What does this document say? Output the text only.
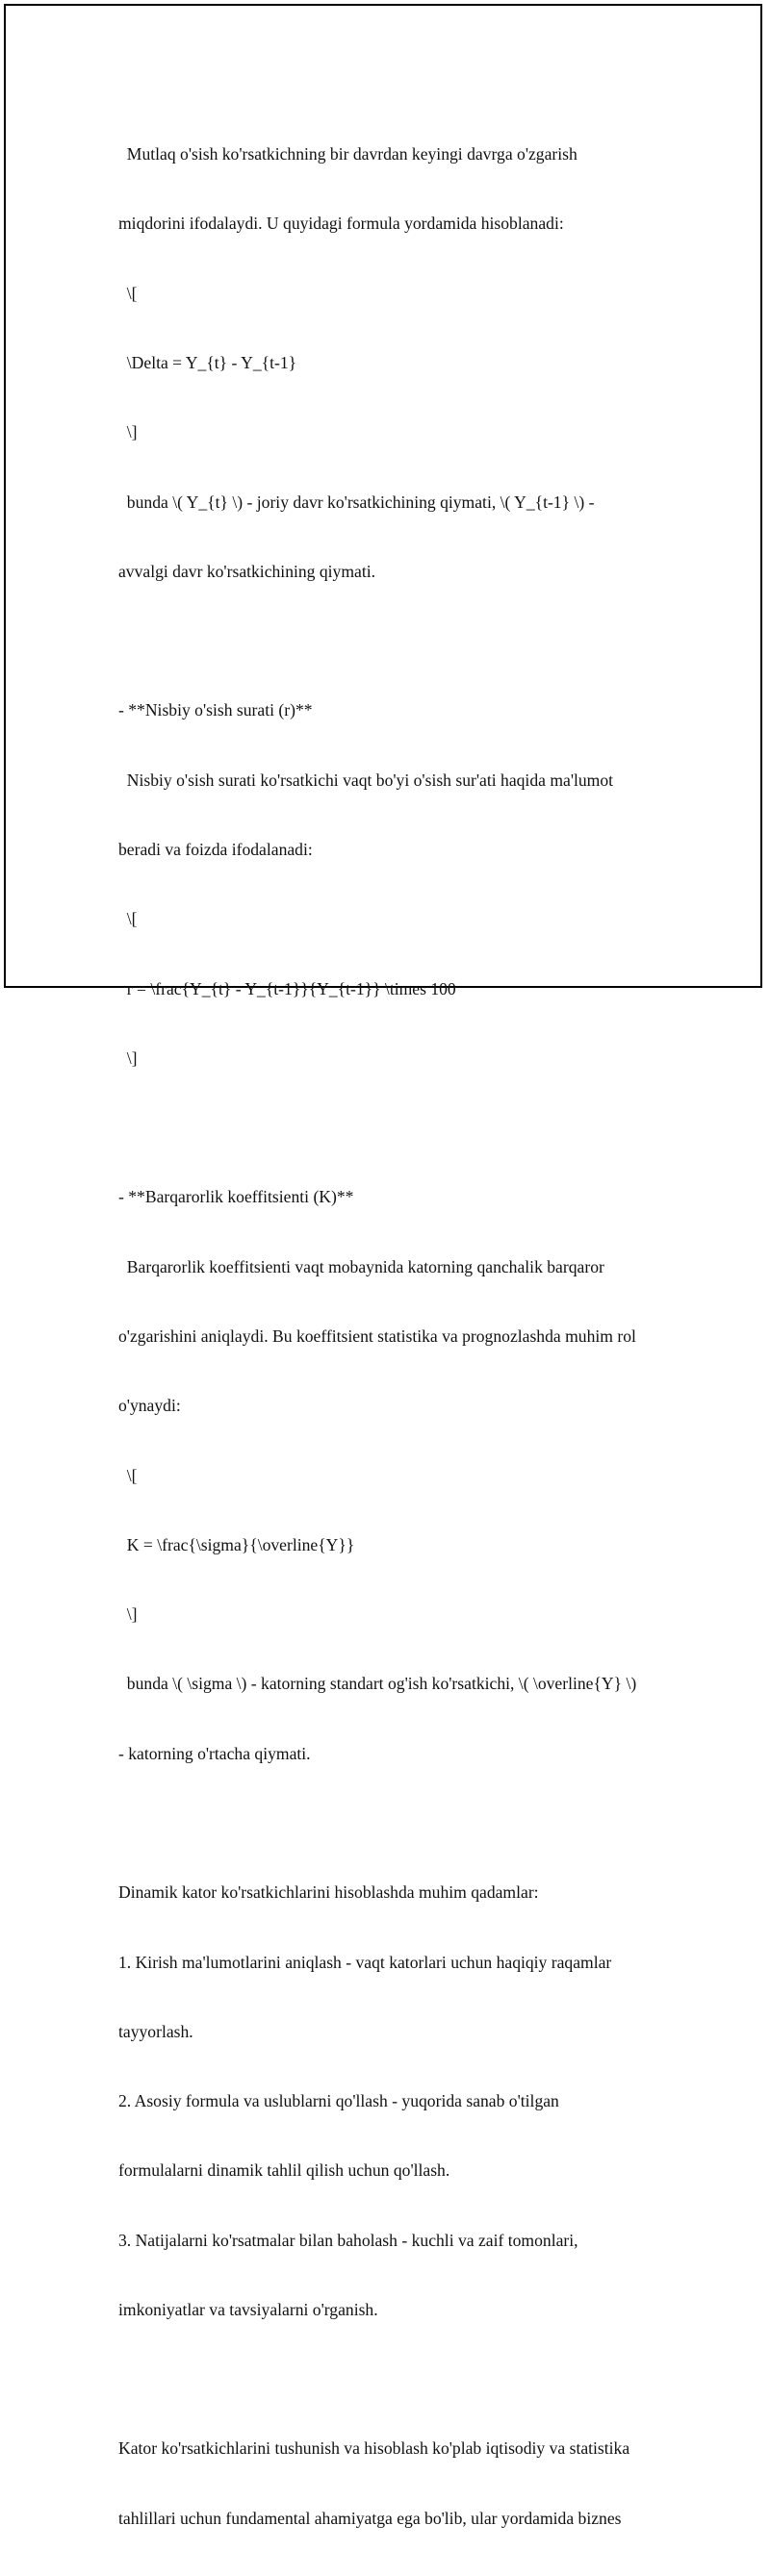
Mutlaq o'sish ko'rsatkichning bir davrdan keyingi davrga o'zgarish

miqdorini ifodalaydi. U quyidagi formula yordamida hisoblanadi:

\[

\Delta = Y_{t} - Y_{t-1}

\]

bunda \( Y_{t} \) - joriy davr ko'rsatkichining qiymati, \( Y_{t-1} \) -

avvalgi davr ko'rsatkichining qiymati.

- **Nisbiy o'sish surati (r)**

Nisbiy o'sish surati ko'rsatkichi vaqt bo'yi o'sish sur'ati haqida ma'lumot

beradi va foizda ifodalanadi:

\[

r = \frac{Y_{t} - Y_{t-1}}{Y_{t-1}} \times 100

\]

- **Barqarorlik koeffitsienti (K)**

Barqarorlik koeffitsienti vaqt mobaynida katorning qanchalik barqaror

o'zgarishini aniqlaydi. Bu koeffitsient statistika va prognozlashda muhim rol

o'ynaydi:

\[

K = \frac{\sigma}{\overline{Y}}

\]

bunda \( \sigma \) - katorning standart og'ish ko'rsatkichi, \( \overline{Y} \)

- katorning o'rtacha qiymati.

Dinamik kator ko'rsatkichlarini hisoblashda muhim qadamlar:

1. Kirish ma'lumotlarini aniqlash - vaqt katorlari uchun haqiqiy raqamlar

tayyorlash.

2. Asosiy formula va uslublarni qo'llash - yuqorida sanab o'tilgan

formulalarni dinamik tahlil qilish uchun qo'llash.

3. Natijalarni ko'rsatmalar bilan baholash - kuchli va zaif tomonlari,

imkoniyatlar va tavsiyalarni o'rganish.

Kator ko'rsatkichlarini tushunish va hisoblash ko'plab iqtisodiy va statistika

tahlillari uchun fundamental ahamiyatga ega bo'lib, ular yordamida biznes
